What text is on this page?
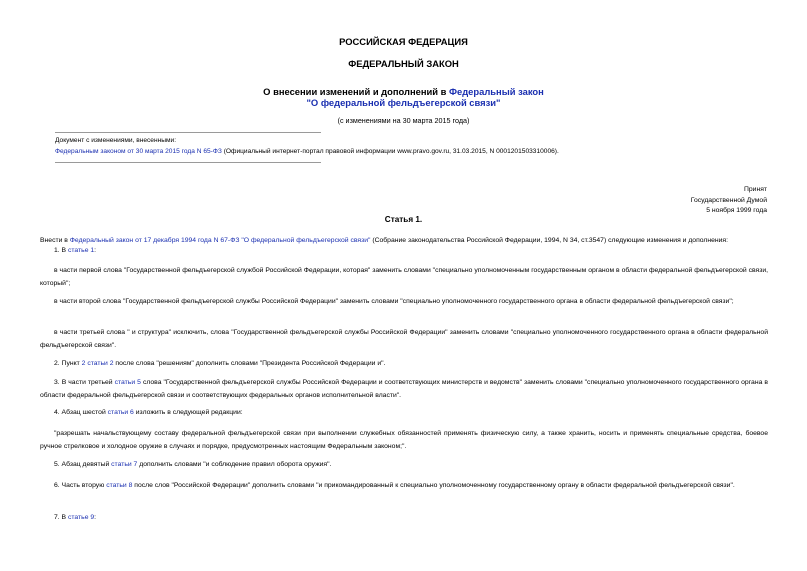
РОССИЙСКАЯ ФЕДЕРАЦИЯ
ФЕДЕРАЛЬНЫЙ ЗАКОН
О внесении изменений и дополнений в Федеральный закон
"О федеральной фельдъегерской связи"
(с изменениями на 30 марта 2015 года)
Документ с изменениями, внесенными:
Федеральным законом от 30 марта 2015 года N 65-ФЗ (Официальный интернет-портал правовой информации www.pravo.gov.ru, 31.03.2015, N 0001201503310006).
Принят
Государственной Думой
5 ноября 1999 года
Статья 1.
Внести в Федеральный закон от 17 декабря 1994 года N 67-ФЗ "О федеральной фельдъегерской связи" (Собрание законодательства Российской Федерации, 1994, N 34, ст.3547) следующие изменения и дополнения:
1. В статье 1:
в части первой слова "Государственной фельдъегерской службой Российской Федерации, которая" заменить словами "специально уполномоченным государственным органом в области федеральной фельдъегерской связи, который";
в части второй слова "Государственной фельдъегерской службы Российской Федерации" заменить словами "специально уполномоченного государственного органа в области федеральной фельдъегерской связи";
в части третьей слова " и структура" исключить, слова "Государственной фельдъегерской службы Российской Федерации" заменить словами "специально уполномоченного государственного органа в области федеральной фельдъегерской связи".
2. Пункт 2 статьи 2 после слова "решениям" дополнить словами "Президента Российской Федерации и".
3. В части третьей статьи 5 слова "Государственной фельдъегерской службы Российской Федерации и соответствующих министерств и ведомств" заменить словами "специально уполномоченного государственного органа в области федеральной фельдъегерской связи и соответствующих федеральных органов исполнительной власти".
4. Абзац шестой статьи 6 изложить в следующей редакции:
"разрешать начальствующему составу федеральной фельдъегерской связи при выполнении служебных обязанностей применять физическую силу, а также хранить, носить и применять специальные средства, боевое ручное стрелковое и холодное оружие в случаях и порядке, предусмотренных настоящим Федеральным законом;".
5. Абзац девятый статьи 7 дополнить словами "и соблюдение правил оборота оружия".
6. Часть вторую статьи 8 после слов "Российской Федерации" дополнить словами "и прикомандированный к специально уполномоченному государственному органу в области федеральной фельдъегерской связи".
7. В статье 9:
